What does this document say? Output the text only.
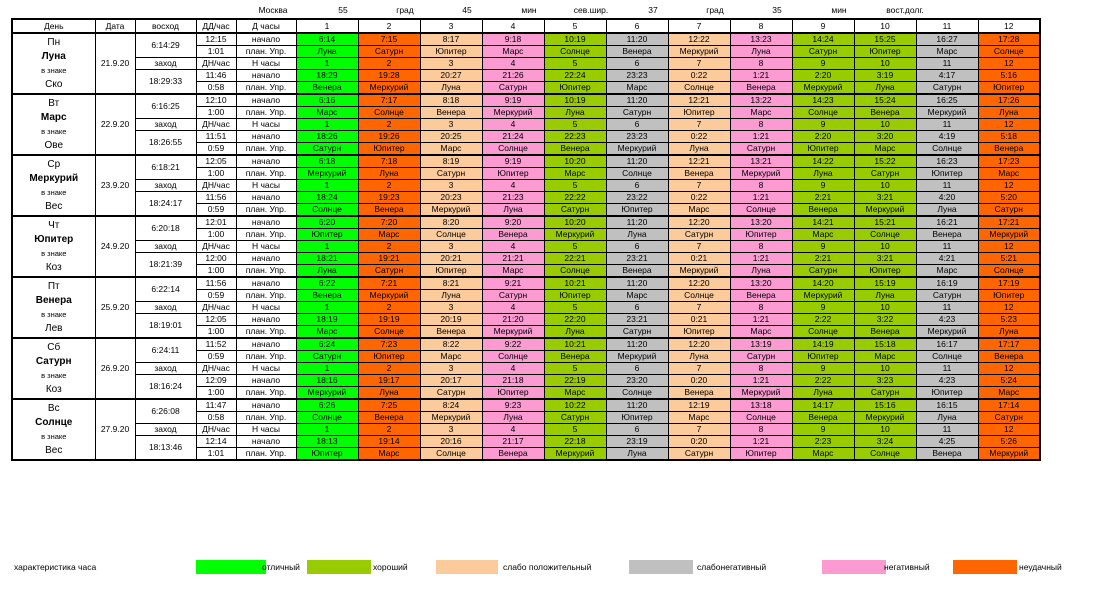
Москва	55	град	45	мин	сев.шир.	37	град	35	мин	вост.долг.
День	Дата	восход	ДД/час	Д часы	1	2	3	4	5	6	7	8	9	10	11	12

Пн
Луна
в знаке
Ско	21.9.20	6:14:29	12:15	начало	6:14	7:15	8:17	9:18	10:19	11:20	12:22	13:23	14:24	15:25	16:27	17:28
			1:01	план. Упр.	Луна	Сатурн	Юпитер	Марс	Солнце	Венера	Меркурий	Луна	Сатурн	Юпитер	Марс	Солнце
		заход	ДН/час	Н часы	1	2	3	4	5	6	7	8	9	10	11	12
		18:29:33	11:46	начало	18:29	19:28	20:27	21:26	22:24	23:23	0:22	1:21	2:20	3:19	4:17	5:16
			0:58	план. Упр.	Венера	Меркурий	Луна	Сатурн	Юпитер	Марс	Солнце	Венера	Меркурий	Луна	Сатурн	Юпитер

Вт
Марс
в знаке
Ове	22.9.20	6:16:25	12:10	начало	6:16	7:17	8:18	9:19	10:19	11:20	12:21	13:22	14:23	15:24	16:25	17:26
			1:00	план. Упр.	Марс	Солнце	Венера	Меркурий	Луна	Сатурн	Юпитер	Марс	Солнце	Венера	Меркурий	Луна
		заход	ДН/час	Н часы	1	2	3	4	5	6	7	8	9	10	11	12
		18:26:55	11:51	начало	18:26	19:26	20:25	21:24	22:23	23:23	0:22	1:21	2:20	3:20	4:19	5:18
			0:59	план. Упр.	Сатурн	Юпитер	Марс	Солнце	Венера	Меркурий	Луна	Сатурн	Юпитер	Марс	Солнце	Венера

Ср
Меркурий
в знаке
Вес	23.9.20	6:18:21	12:05	начало	6:18	7:18	8:19	9:19	10:20	11:20	12:21	13:21	14:22	15:22	16:23	17:23
			1:00	план. Упр.	Меркурий	Луна	Сатурн	Юпитер	Марс	Солнце	Венера	Меркурий	Луна	Сатурн	Юпитер	Марс
		заход	ДН/час	Н часы	1	2	3	4	5	6	7	8	9	10	11	12
		18:24:17	11:56	начало	18:24	19:23	20:23	21:23	22:22	23:22	0:22	1:21	2:21	3:21	4:20	5:20
			0:59	план. Упр.	Солнце	Венера	Меркурий	Луна	Сатурн	Юпитер	Марс	Солнце	Венера	Меркурий	Луна	Сатурн

Чт
Юпитер
в знаке
Коз	24.9.20	6:20:18	12:01	начало	6:20	7:20	8:20	9:20	10:20	11:20	12:20	13:20	14:21	15:21	16:21	17:21
			1:00	план. Упр.	Юпитер	Марс	Солнце	Венера	Меркурий	Луна	Сатурн	Юпитер	Марс	Солнце	Венера	Меркурий
		заход	ДН/час	Н часы	1	2	3	4	5	6	7	8	9	10	11	12
		18:21:39	12:00	начало	18:21	19:21	20:21	21:21	22:21	23:21	0:21	1:21	2:21	3:21	4:21	5:21
			1:00	план. Упр.	Луна	Сатурн	Юпитер	Марс	Солнце	Венера	Меркурий	Луна	Сатурн	Юпитер	Марс	Солнце

Пт
Венера
в знаке
Лев	25.9.20	6:22:14	11:56	начало	6:22	7:21	8:21	9:21	10:21	11:20	12:20	13:20	14:20	15:19	16:19	17:19
			0:59	план. Упр.	Венера	Меркурий	Луна	Сатурн	Юпитер	Марс	Солнце	Венера	Меркурий	Луна	Сатурн	Юпитер
		заход	ДН/час	Н часы	1	2	3	4	5	6	7	8	9	10	11	12
		18:19:01	12:05	начало	18:19	19:19	20:19	21:20	22:20	23:21	0:21	1:21	2:22	3:22	4:23	5:23
			1:00	план. Упр.	Марс	Солнце	Венера	Меркурий	Луна	Сатурн	Юпитер	Марс	Солнце	Венера	Меркурий	Луна

Сб
Сатурн
в знаке
Коз	26.9.20	6:24:11	11:52	начало	6:24	7:23	8:22	9:22	10:21	11:20	12:20	13:19	14:19	15:18	16:17	17:17
			0:59	план. Упр.	Сатурн	Юпитер	Марс	Солнце	Венера	Меркурий	Луна	Сатурн	Юпитер	Марс	Солнце	Венера
		заход	ДН/час	Н часы	1	2	3	4	5	6	7	8	9	10	11	12
		18:16:24	12:09	начало	18:16	19:17	20:17	21:18	22:19	23:20	0:20	1:21	2:22	3:23	4:23	5:24
			1:00	план. Упр.	Меркурий	Луна	Сатурн	Юпитер	Марс	Солнце	Венера	Меркурий	Луна	Сатурн	Юпитер	Марс

Вс
Солнце
в знаке
Вес	27.9.20	6:26:08	11:47	начало	6:26	7:25	8:24	9:23	10:22	11:20	12:19	13:18	14:17	15:16	16:15	17:14
			0:58	план. Упр.	Солнце	Венера	Меркурий	Луна	Сатурн	Юпитер	Марс	Солнце	Венера	Меркурий	Луна	Сатурн
		заход	ДН/час	Н часы	1	2	3	4	5	6	7	8	9	10	11	12
		18:13:46	12:14	начало	18:13	19:14	20:16	21:17	22:18	23:19	0:20	1:21	2:23	3:24	4:25	5:26
			1:01	план. Упр.	Юпитер	Марс	Солнце	Венера	Меркурий	Луна	Сатурн	Юпитер	Марс	Солнце	Венера	Меркурий
характеристика часа	отличный	хороший	слабо положительный	слабонегативный	негативный	неудачный
